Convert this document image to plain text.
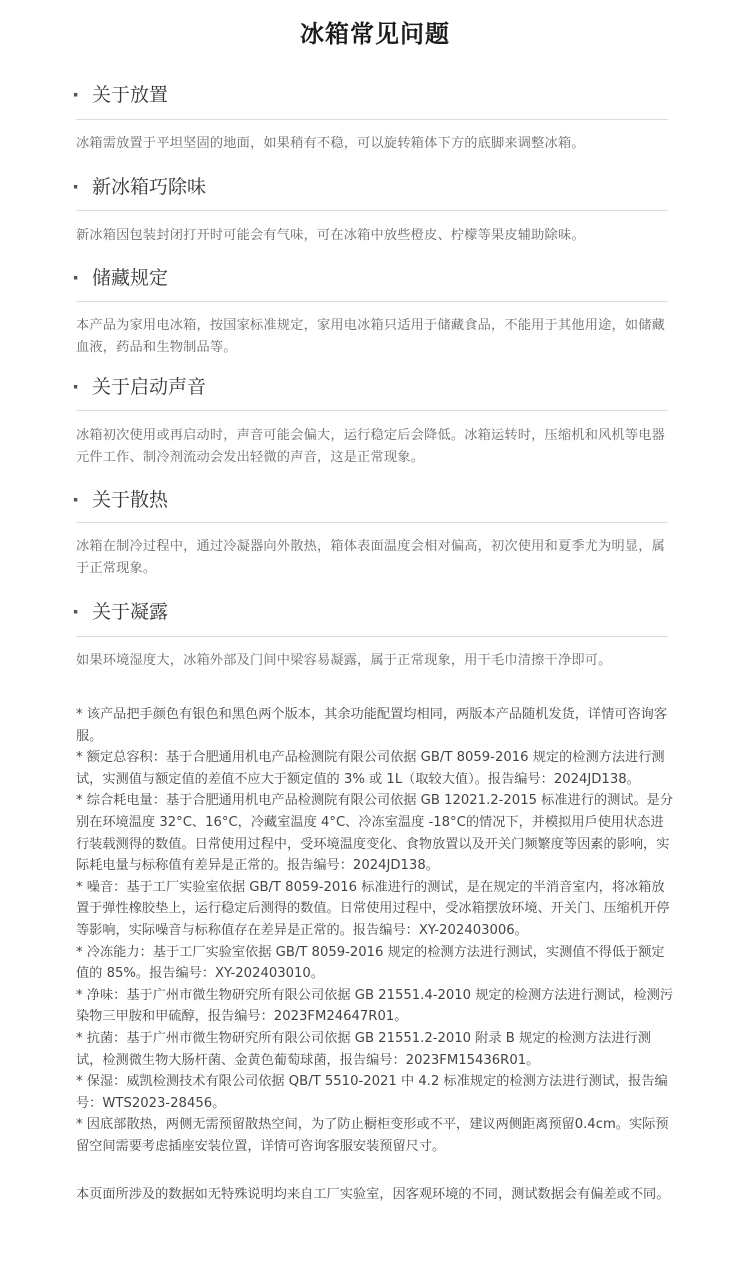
冰箱常见问题
· 关于放置
冰箱需放置于平坦坚固的地面，如果稍有不稳，可以旋转箱体下方的底脚来调整冰箱。
· 新冰箱巧除味
新冰箱因包装封闭打开时可能会有气味，可在冰箱中放些橙皮、柠檬等果皮辅助除味。
· 储藏规定
本产品为家用电冰箱，按国家标准规定，家用电冰箱只适用于储藏食品，不能用于其他用途，如储藏血液，药品和生物制品等。
· 关于启动声音
冰箱初次使用或再启动时，声音可能会偏大，运行稳定后会降低。冰箱运转时，压缩机和风机等电器元件工作、制冷剂流动会发出轻微的声音，这是正常现象。
· 关于散热
冰箱在制冷过程中，通过冷凝器向外散热，箱体表面温度会相对偏高，初次使用和夏季尤为明显，属于正常现象。
· 关于凝露
如果环境湿度大，冰箱外部及门间中梁容易凝露，属于正常现象，用干毛巾清擦干净即可。

* 该产品把手颜色有银色和黑色两个版本，其余功能配置均相同，两版本产品随机发货，详情可咨询客服。

* 额定总容积：基于合肥通用机电产品检测院有限公司依据 GB/T 8059-2016 规定的检测方法进行测试，实测值与额定值的差值不应大于额定值的 3% 或 1L（取较大值）。报告编号：2024JD138。

* 综合耗电量：基于合肥通用机电产品检测院有限公司依据 GB 12021.2-2015 标准进行的测试。是分别在环境温度 32°C、16°C，冷藏室温度 4°C、冷冻室温度 -18°C的情况下，并模拟用戶使用状态进行装载测得的数值。日常使用过程中，受环境温度变化、食物放置以及开关门频繁度等因素的影响，实际耗电量与标称值有差异是正常的。报告编号：2024JD138。

* 噪音：基于工厂实验室依据 GB/T 8059-2016 标准进行的测试，是在规定的半消音室内，将冰箱放置于弹性橡胶垫上，运行稳定后测得的数值。日常使用过程中，受冰箱摆放环境、开关门、压缩机开停等影响，实际噪音与标称值存在差异是正常的。报告编号：XY-202403006。

* 冷冻能力：基于工厂实验室依据 GB/T 8059-2016 规定的检测方法进行测试，实测值不得低于额定值的 85%。报告编号：XY-202403010。

* 净味：基于广州市微生物研究所有限公司依据 GB 21551.4-2010 规定的检测方法进行测试，检测污染物三甲胺和甲硫醇，报告编号：2023FM24647R01。

* 抗菌：基于广州市微生物研究所有限公司依据 GB 21551.2-2010 附录 B 规定的检测方法进行测试，检测微生物大肠杆菌、金黄色葡萄球菌，报告编号：2023FM15436R01。

* 保湿：威凯检测技术有限公司依据 QB/T 5510-2021 中 4.2 标准规定的检测方法进行测试，报告编号：WTS2023-28456。

* 因底部散热，两侧无需预留散热空间，为了防止橱柜变形或不平，建议两侧距离预留0.4cm。实际预留空间需要考虑插座安装位置，详情可咨询客服安装预留尺寸。

本页面所涉及的数据如无特殊说明均来自工厂实验室，因客观环境的不同，测试数据会有偏差或不同。
